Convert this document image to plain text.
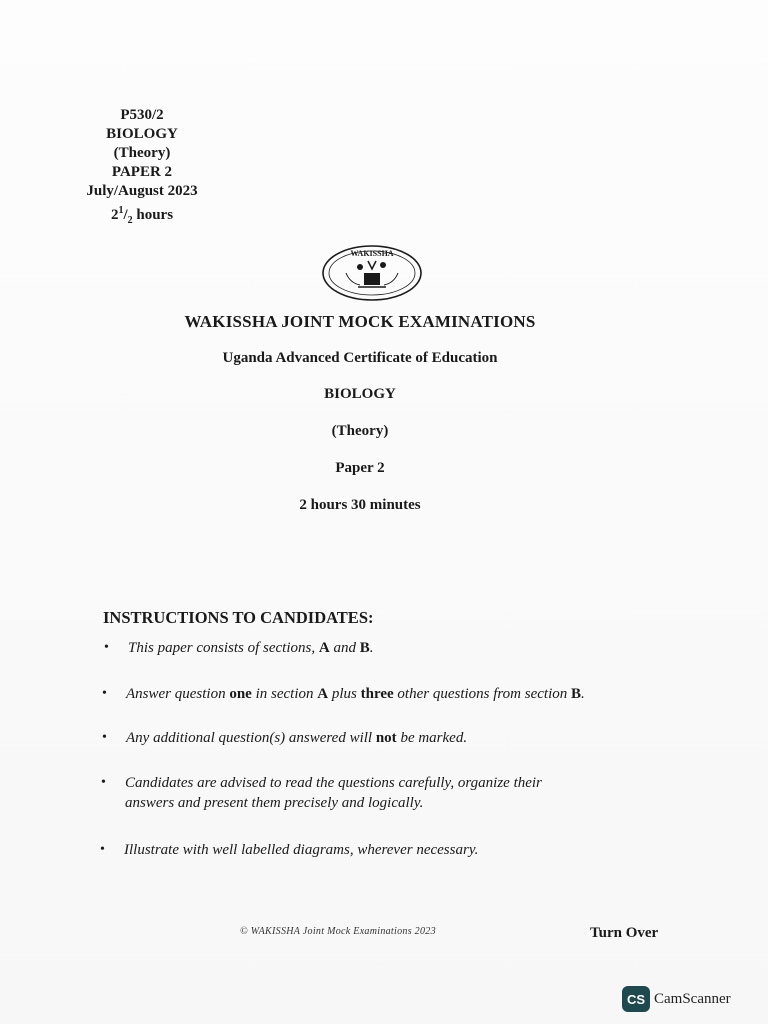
P530/2
BIOLOGY
(Theory)
PAPER 2
July/August 2023
$2^1/_2$ hours
WAKISSHA
WAKISSHA JOINT MOCK EXAMINATIONS
Uganda Advanced Certificate of Education
BIOLOGY
(Theory)
Paper 2
2 hours 30 minutes
INSTRUCTIONS TO CANDIDATES:
• This paper consists of sections, A and B.
• Answer question one in section A plus three other questions from section B.
• Any additional question(s) answered will not be marked.
• Candidates are advised to read the questions carefully, organize their
answers and present them precisely and logically.
• Illustrate with well labelled diagrams, wherever necessary.
© WAKISSHA Joint Mock Examinations 2023	Turn Over
CS CamScanner
